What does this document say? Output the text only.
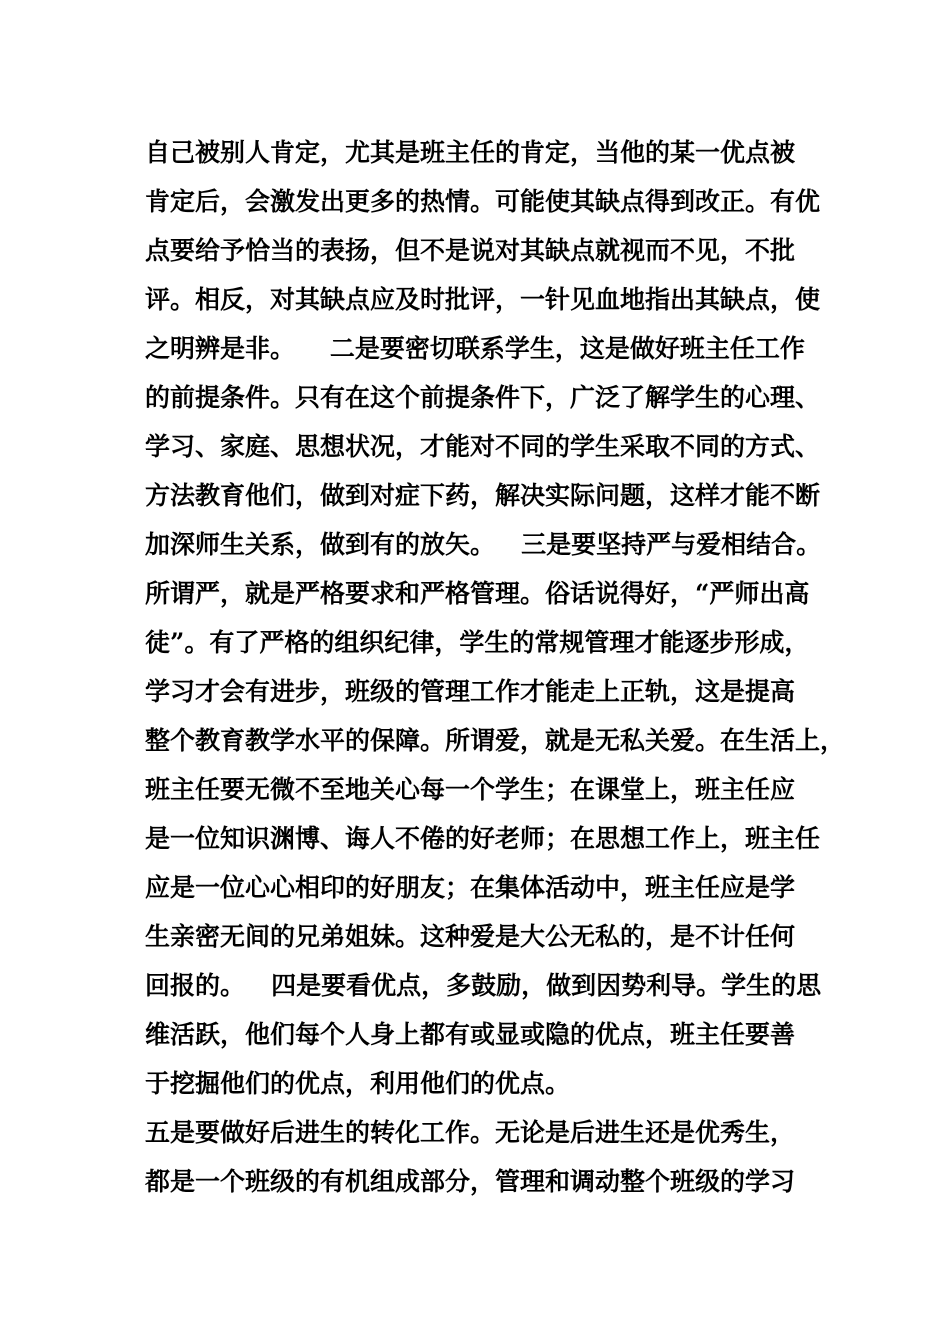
自己被别人肯定，尤其是班主任的肯定，当他的某一优点被
肯定后，会激发出更多的热情。可能使其缺点得到改正。有优
点要给予恰当的表扬，但不是说对其缺点就视而不见，不批
评。相反，对其缺点应及时批评，一针见血地指出其缺点，使
之明辨是非。    二是要密切联系学生，这是做好班主任工作
的前提条件。只有在这个前提条件下，广泛了解学生的心理、
学习、家庭、思想状况，才能对不同的学生采取不同的方式、
方法教育他们，做到对症下药，解决实际问题，这样才能不断
加深师生关系，做到有的放矢。   三是要坚持严与爱相结合。
所谓严，就是严格要求和严格管理。俗话说得好，“严师出高
徒”。有了严格的组织纪律，学生的常规管理才能逐步形成，
学习才会有进步，班级的管理工作才能走上正轨，这是提高
整个教育教学水平的保障。所谓爱，就是无私关爱。在生活上，
班主任要无微不至地关心每一个学生；在课堂上，班主任应
是一位知识渊博、诲人不倦的好老师；在思想工作上，班主任
应是一位心心相印的好朋友；在集体活动中，班主任应是学
生亲密无间的兄弟姐妹。这种爱是大公无私的，是不计任何
回报的。   四是要看优点，多鼓励，做到因势利导。学生的思
维活跃，他们每个人身上都有或显或隐的优点，班主任要善
于挖掘他们的优点，利用他们的优点。
五是要做好后进生的转化工作。无论是后进生还是优秀生，
都是一个班级的有机组成部分，管理和调动整个班级的学习
